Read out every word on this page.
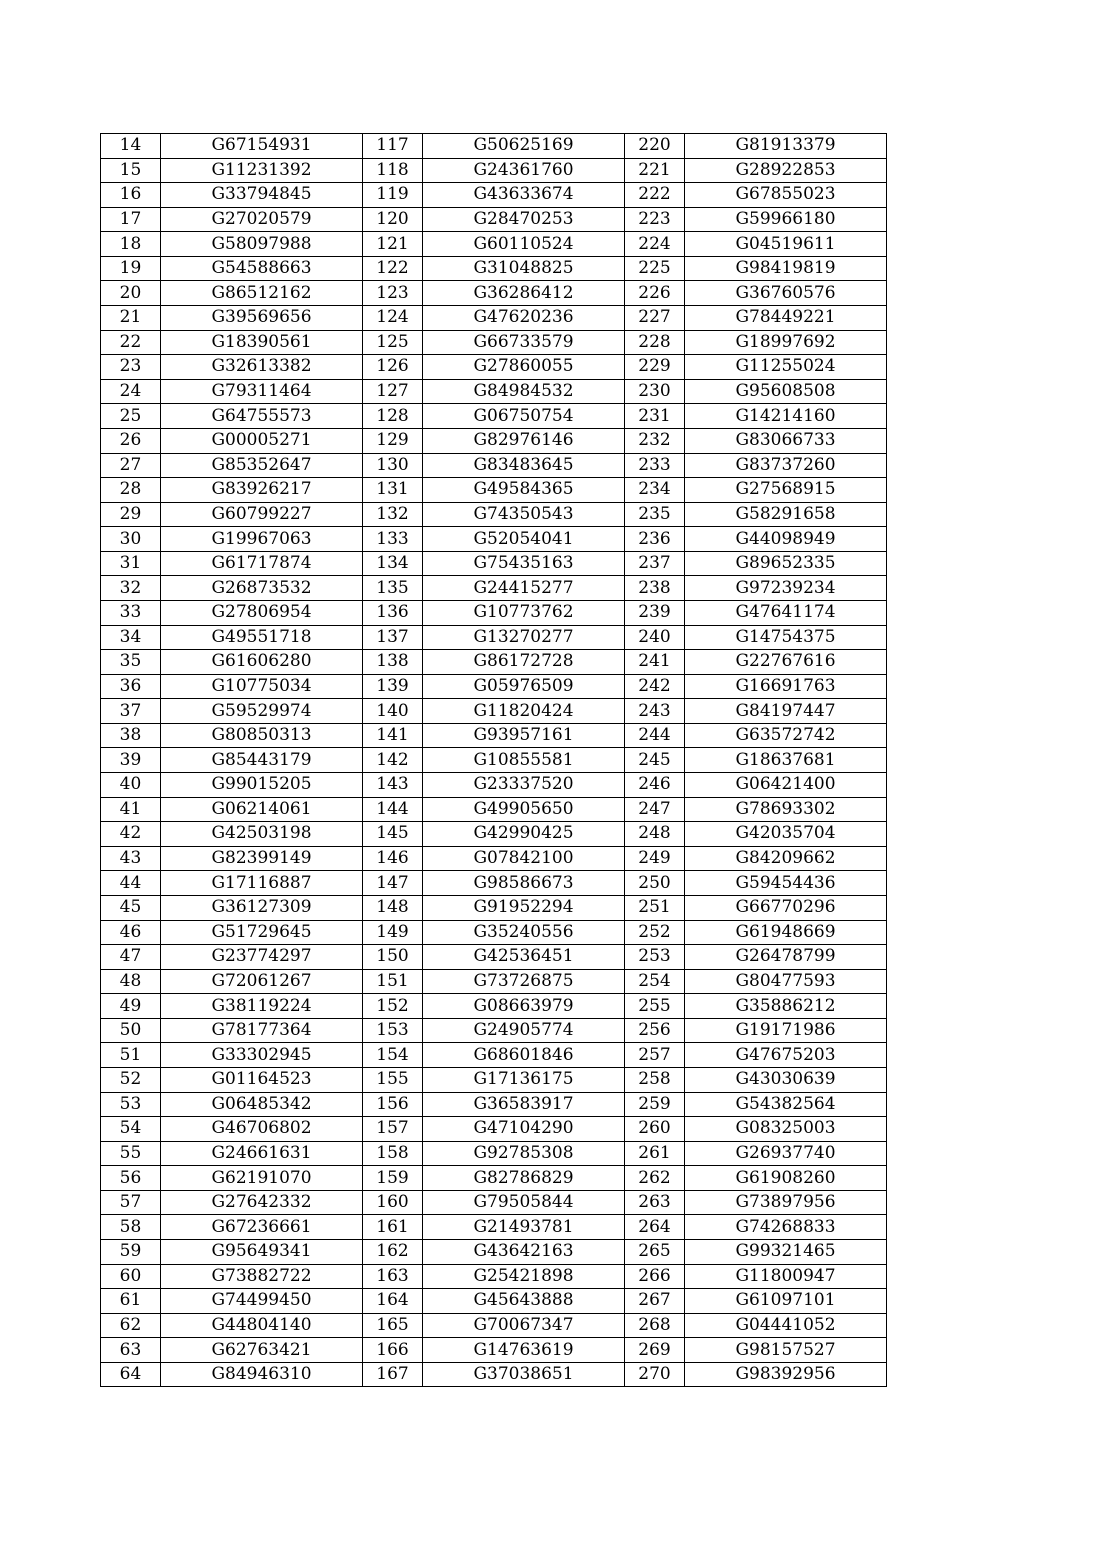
14	G67154931	117	G50625169	220	G81913379
15	G11231392	118	G24361760	221	G28922853
16	G33794845	119	G43633674	222	G67855023
17	G27020579	120	G28470253	223	G59966180
18	G58097988	121	G60110524	224	G04519611
19	G54588663	122	G31048825	225	G98419819
20	G86512162	123	G36286412	226	G36760576
21	G39569656	124	G47620236	227	G78449221
22	G18390561	125	G66733579	228	G18997692
23	G32613382	126	G27860055	229	G11255024
24	G79311464	127	G84984532	230	G95608508
25	G64755573	128	G06750754	231	G14214160
26	G00005271	129	G82976146	232	G83066733
27	G85352647	130	G83483645	233	G83737260
28	G83926217	131	G49584365	234	G27568915
29	G60799227	132	G74350543	235	G58291658
30	G19967063	133	G52054041	236	G44098949
31	G61717874	134	G75435163	237	G89652335
32	G26873532	135	G24415277	238	G97239234
33	G27806954	136	G10773762	239	G47641174
34	G49551718	137	G13270277	240	G14754375
35	G61606280	138	G86172728	241	G22767616
36	G10775034	139	G05976509	242	G16691763
37	G59529974	140	G11820424	243	G84197447
38	G80850313	141	G93957161	244	G63572742
39	G85443179	142	G10855581	245	G18637681
40	G99015205	143	G23337520	246	G06421400
41	G06214061	144	G49905650	247	G78693302
42	G42503198	145	G42990425	248	G42035704
43	G82399149	146	G07842100	249	G84209662
44	G17116887	147	G98586673	250	G59454436
45	G36127309	148	G91952294	251	G66770296
46	G51729645	149	G35240556	252	G61948669
47	G23774297	150	G42536451	253	G26478799
48	G72061267	151	G73726875	254	G80477593
49	G38119224	152	G08663979	255	G35886212
50	G78177364	153	G24905774	256	G19171986
51	G33302945	154	G68601846	257	G47675203
52	G01164523	155	G17136175	258	G43030639
53	G06485342	156	G36583917	259	G54382564
54	G46706802	157	G47104290	260	G08325003
55	G24661631	158	G92785308	261	G26937740
56	G62191070	159	G82786829	262	G61908260
57	G27642332	160	G79505844	263	G73897956
58	G67236661	161	G21493781	264	G74268833
59	G95649341	162	G43642163	265	G99321465
60	G73882722	163	G25421898	266	G11800947
61	G74499450	164	G45643888	267	G61097101
62	G44804140	165	G70067347	268	G04441052
63	G62763421	166	G14763619	269	G98157527
64	G84946310	167	G37038651	270	G98392956
